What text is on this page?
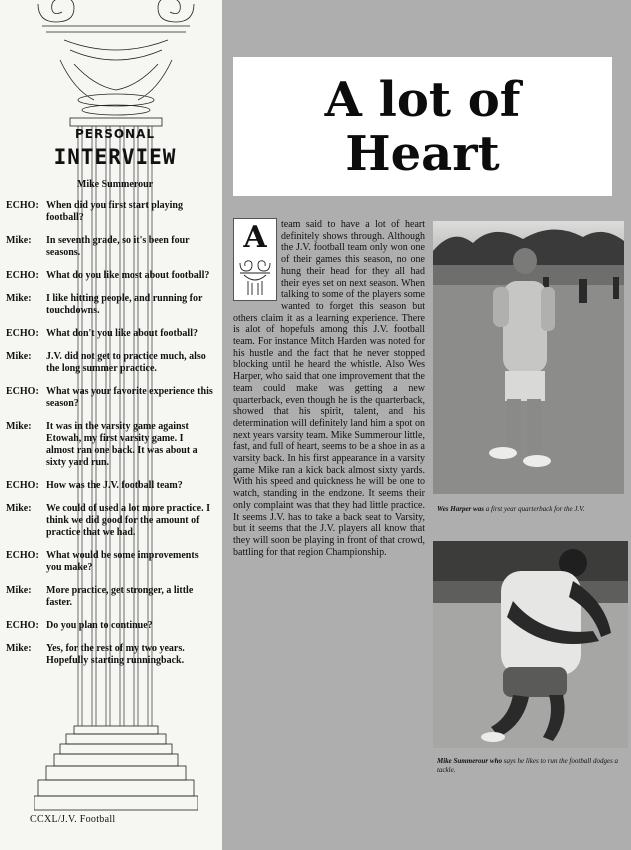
PERSONAL
INTERVIEW
Mike Summerour
ECHO: When did you first start playing football?
Mike:	In seventh grade, so it's been four seasons.
ECHO: What do you like most about football?
Mike:	I like hitting people, and running for touchdowns.
ECHO: What don't you like about football?
Mike:	J.V. did not get to practice much, also the long summer practice.
ECHO: What was your favorite experience this season?
Mike:	It was in the varsity game against Etowah, my first varsity game. I almost ran one back. It was about a sixty yard run.
ECHO: How was the J.V. football team?
Mike:	We could of used a lot more practice. I think we did good for the amount of practice that we had.
ECHO: What would be some improvements you make?
Mike:	More practice, get stronger, a little faster.
ECHO: Do you plan to continue?
Mike:	Yes, for the rest of my two years. Hopefully starting runningback.
CCXL/J.V. Football
A lot of
Heart
team said to have a lot of heart definitely shows through. Although the J.V. football team only won one of their games this season, no one hung their head for they all had their eyes set on next season. When talking to some of the players some wanted to forget this season but others claim it as a learning experience. There is alot of hopefuls among this J.V. football team. For instance Mitch Harden was noted for his hustle and the fact that he never stopped blocking until he heard the whistle. Also Wes Harper, who said that one improvement that the team could make was getting a new quarterback, even though he is the quarterback, showed that his spirit, talent, and his determination will definitely land him a spot on next years varsity team. Mike Summerour little, fast, and full of heart, seems to be a shoe in as a varsity back. In his first appearance in a varsity game Mike ran a kick back almost sixty yards. With his speed and quickness he will be one to watch, standing in the endzone. It seems their only complaint was that they had little practice. It seems J.V. has to take a back seat to Varsity, but it seems that the J.V. players all know that they will soon be playing in front of that crowd, battling for that region Championship.
A
Wes Harper was a first year quarterback for the J.V.
Mike Summerour who says he likes to run the football dodges a tackle.
